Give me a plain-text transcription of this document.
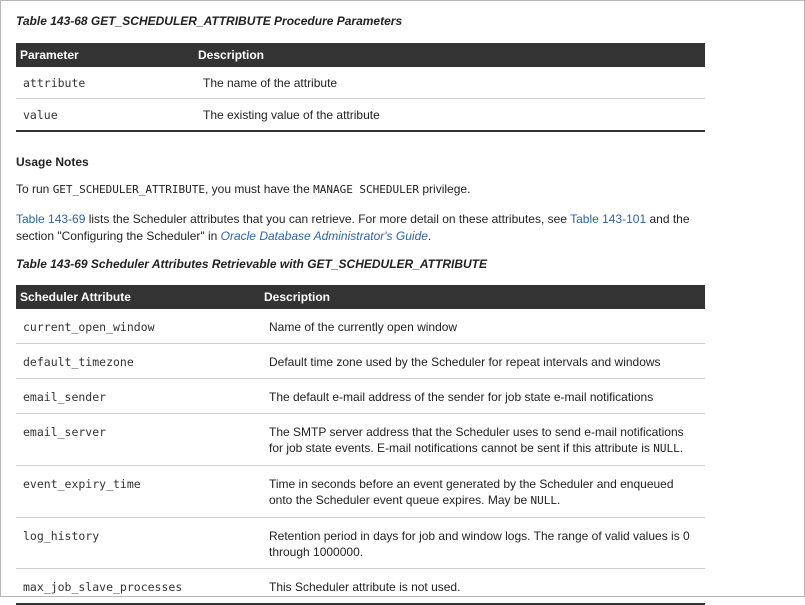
Table 143-68 GET_SCHEDULER_ATTRIBUTE Procedure Parameters

Parameter	Description

attribute	The name of the attribute

value	The existing value of the attribute
Usage Notes
To run GET_SCHEDULER_ATTRIBUTE, you must have the MANAGE SCHEDULER privilege.
Table 143-69 lists the Scheduler attributes that you can retrieve. For more detail on these attributes, see Table 143-101 and the section "Configuring the Scheduler" in Oracle Database Administrator's Guide.

Table 143-69 Scheduler Attributes Retrievable with GET_SCHEDULER_ATTRIBUTE

Scheduler Attribute	Description

current_open_window	Name of the currently open window

default_timezone	Default time zone used by the Scheduler for repeat intervals and windows

email_sender	The default e-mail address of the sender for job state e-mail notifications

email_server	The SMTP server address that the Scheduler uses to send e-mail notifications for job state events. E-mail notifications cannot be sent if this attribute is NULL.

event_expiry_time	Time in seconds before an event generated by the Scheduler and enqueued onto the Scheduler event queue expires. May be NULL.

log_history	Retention period in days for job and window logs. The range of valid values is 0 through 1000000.

max_job_slave_processes	This Scheduler attribute is not used.
